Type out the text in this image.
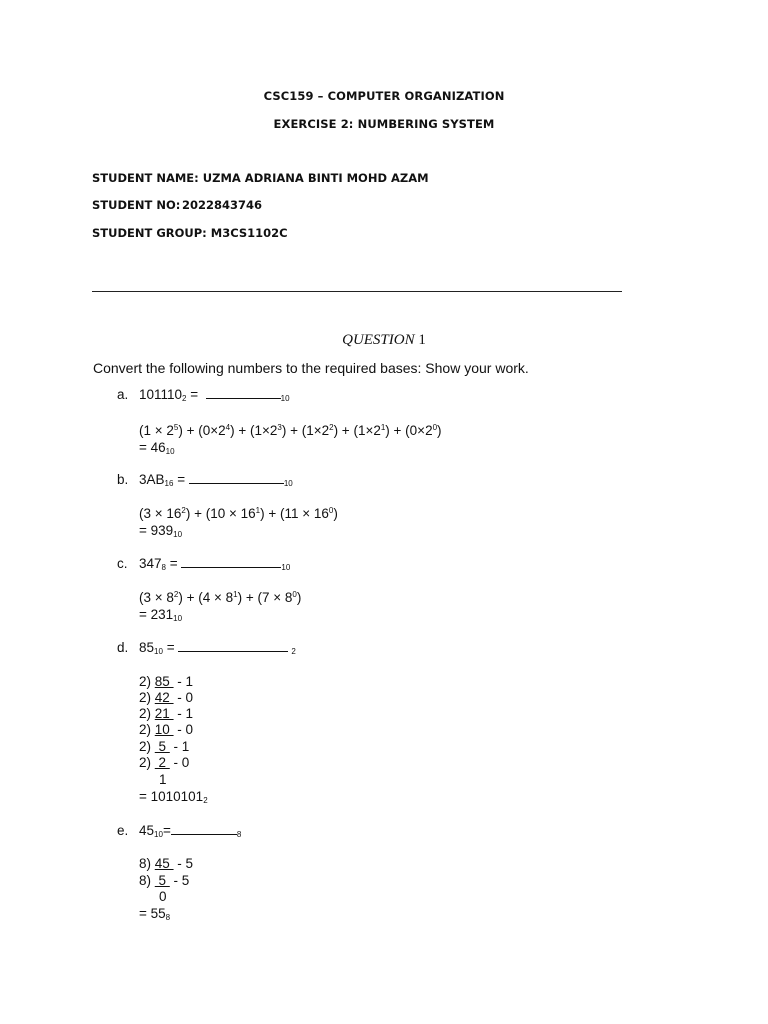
CSC159 – COMPUTER ORGANIZATION
EXERCISE 2: NUMBERING SYSTEM
STUDENT NAME: UZMA ADRIANA BINTI MOHD AZAM
STUDENT NO: 2022843746
STUDENT GROUP: M3CS1102C
QUESTION 1
Convert the following numbers to the required bases: Show your work.
a. $101110_2$ =	$_{10}$
$(1 \times 2^5) + (0\times 2^4) + (1\times 2^3) + (1\times 2^2) + (1\times 2^1) + (0\times 2^0)$
= $46_{10}$
b. $3AB_{16}$ =	$_{10}$
$(3 \times 16^2) + (10 \times 16^1) + (11 \times 16^0)$
= $939_{10}$
c. $347_8$ =	$_{10}$
$(3 \times 8^2) + (4 \times 8^1) + (7 \times 8^0)$
= $231_{10}$
d. $85_{10}$ =	$_2$
2) 85  - 1
2) 42  - 0
2) 21  - 1
2) 10  - 0
2)  5  - 1
2)  2  - 0
1
= $1010101_2$
e. $45_{10}=$	$_8$
8) 45  - 5
8)  5  - 5
0
= $55_8$
